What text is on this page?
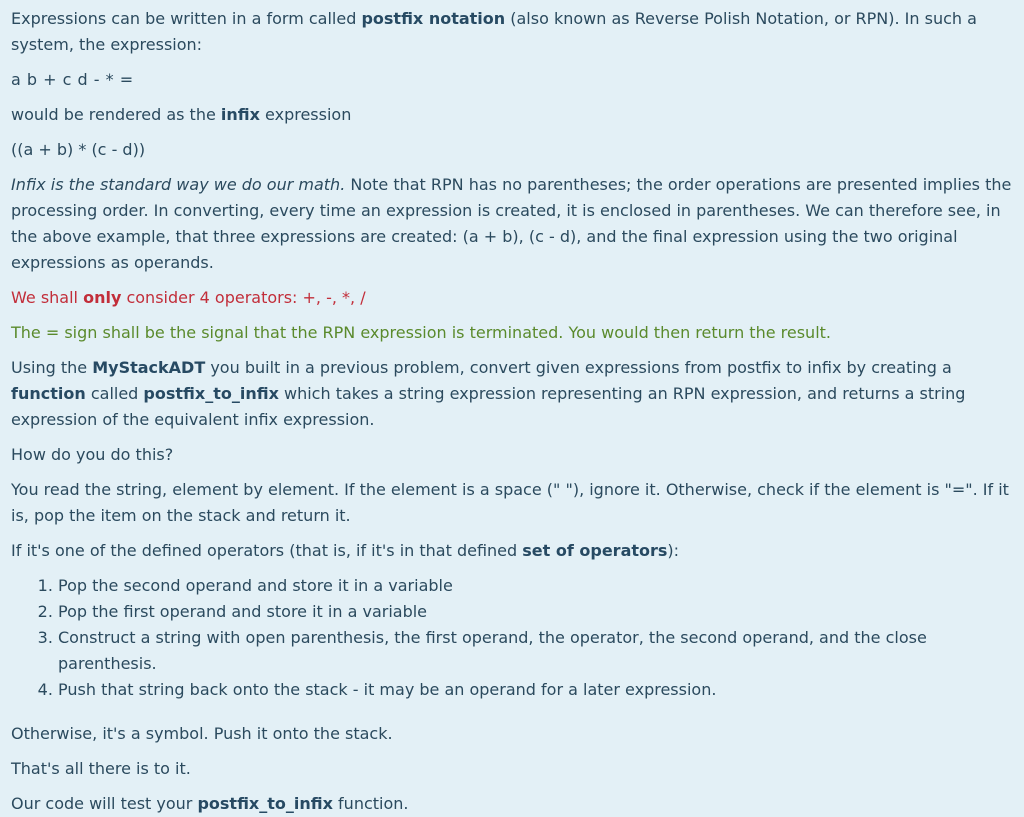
Expressions can be written in a form called postfix notation (also known as Reverse Polish Notation, or RPN). In such a system, the expression:

a b + c d - * =

would be rendered as the infix expression

((a + b) * (c - d))

Infix is the standard way we do our math. Note that RPN has no parentheses; the order operations are presented implies the processing order. In converting, every time an expression is created, it is enclosed in parentheses. We can therefore see, in the above example, that three expressions are created: (a + b), (c - d), and the final expression using the two original expressions as operands.

We shall only consider 4 operators: +, -, *, /

The = sign shall be the signal that the RPN expression is terminated. You would then return the result.

Using the MyStackADT you built in a previous problem, convert given expressions from postfix to infix by creating a function called postfix_to_infix which takes a string expression representing an RPN expression, and returns a string expression of the equivalent infix expression.

How do you do this?

You read the string, element by element. If the element is a space (" "), ignore it. Otherwise, check if the element is "=". If it is, pop the item on the stack and return it.

If it's one of the defined operators (that is, if it's in that defined set of operators):

1. Pop the second operand and store it in a variable
2. Pop the first operand and store it in a variable
3. Construct a string with open parenthesis, the first operand, the operator, the second operand, and the close parenthesis.
4. Push that string back onto the stack - it may be an operand for a later expression.

Otherwise, it's a symbol. Push it onto the stack.

That's all there is to it.

Our code will test your postfix_to_infix function.
